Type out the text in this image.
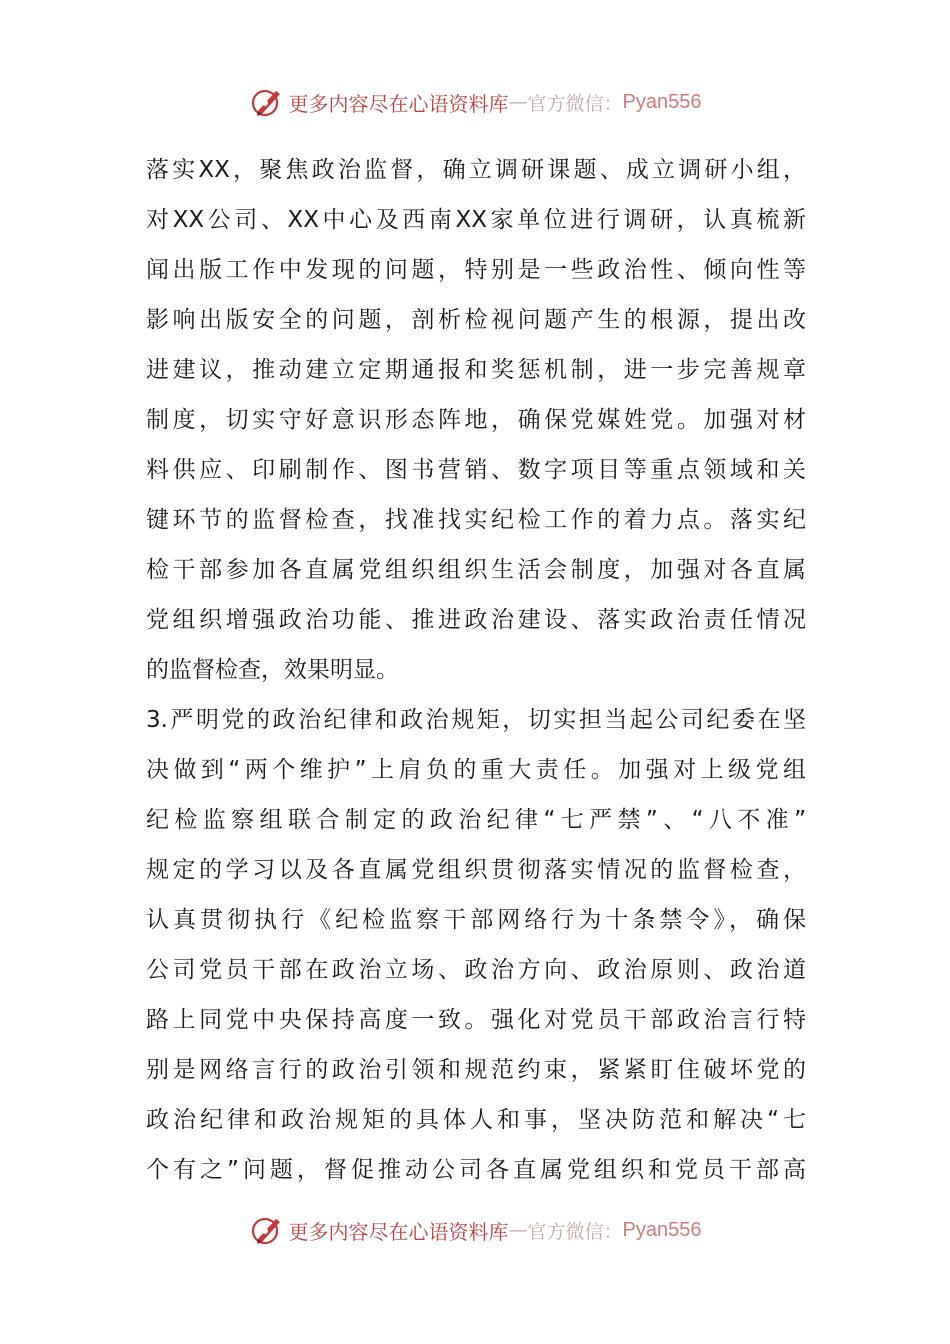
更多内容尽在心语资料库 — 官方微信： Pyan556
落实XX，聚焦政治监督，确立调研课题、成立调研小组，
对XX公司、XX中心及西南XX家单位进行调研，认真梳新
闻出版工作中发现的问题，特别是一些政治性、倾向性等
影响出版安全的问题，剖析检视问题产生的根源，提出改
进建议，推动建立定期通报和奖惩机制，进一步完善规章
制度，切实守好意识形态阵地，确保党媒姓党。加强对材
料供应、印刷制作、图书营销、数字项目等重点领域和关
键环节的监督检查，找准找实纪检工作的着力点。落实纪
检干部参加各直属党组织组织生活会制度，加强对各直属
党组织增强政治功能、推进政治建设、落实政治责任情况
的监督检查，效果明显。
3.严明党的政治纪律和政治规矩，切实担当起公司纪委在坚
决做到“两个维护”上肩负的重大责任。加强对上级党组
纪检监察组联合制定的政治纪律“七严禁”、“八不准”
规定的学习以及各直属党组织贯彻落实情况的监督检查，
认真贯彻执行《纪检监察干部网络行为十条禁令》，确保
公司党员干部在政治立场、政治方向、政治原则、政治道
路上同党中央保持高度一致。强化对党员干部政治言行特
别是网络言行的政治引领和规范约束，紧紧盯住破坏党的
政治纪律和政治规矩的具体人和事，坚决防范和解决“七
个有之”问题，督促推动公司各直属党组织和党员干部高
更多内容尽在心语资料库 — 官方微信： Pyan556
